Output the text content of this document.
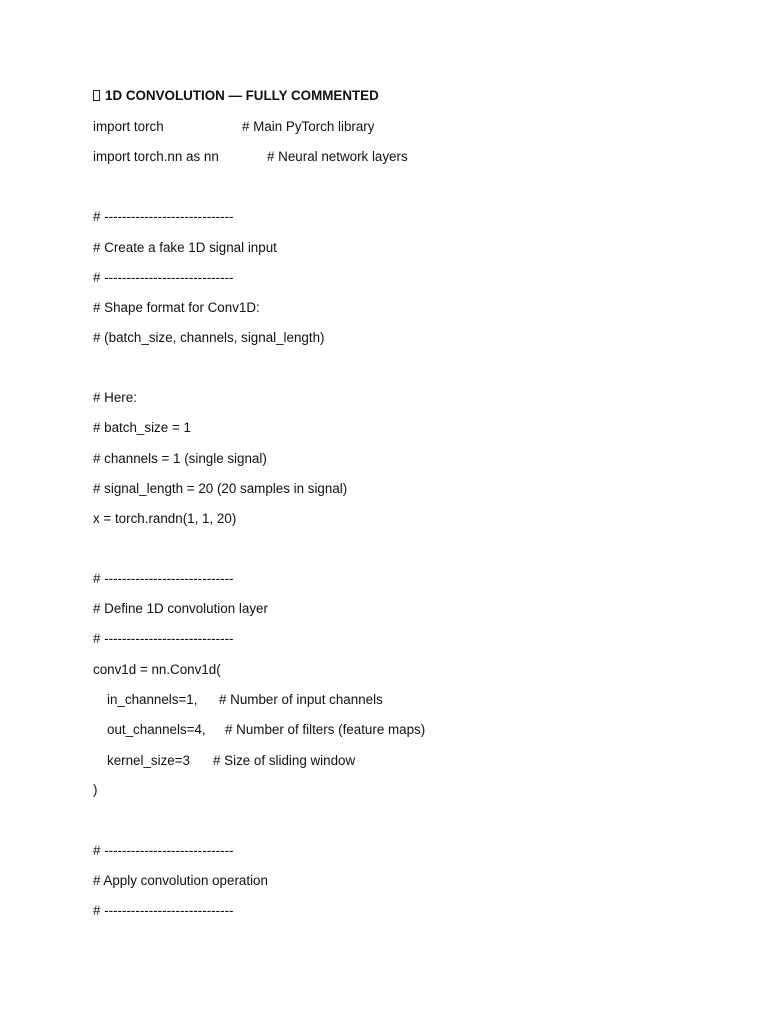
1D CONVOLUTION — FULLY COMMENTED
import torch	# Main PyTorch library
import torch.nn as nn	# Neural network layers
# -----------------------------
# Create a fake 1D signal input
# -----------------------------
# Shape format for Conv1D:
# (batch_size, channels, signal_length)
# Here:
# batch_size = 1
# channels = 1 (single signal)
# signal_length = 20 (20 samples in signal)
x = torch.randn(1, 1, 20)
# -----------------------------
# Define 1D convolution layer
# -----------------------------
conv1d = nn.Conv1d(
in_channels=1, # Number of input channels
out_channels=4, # Number of filters (feature maps)
kernel_size=3 # Size of sliding window
)
# -----------------------------
# Apply convolution operation
# -----------------------------
